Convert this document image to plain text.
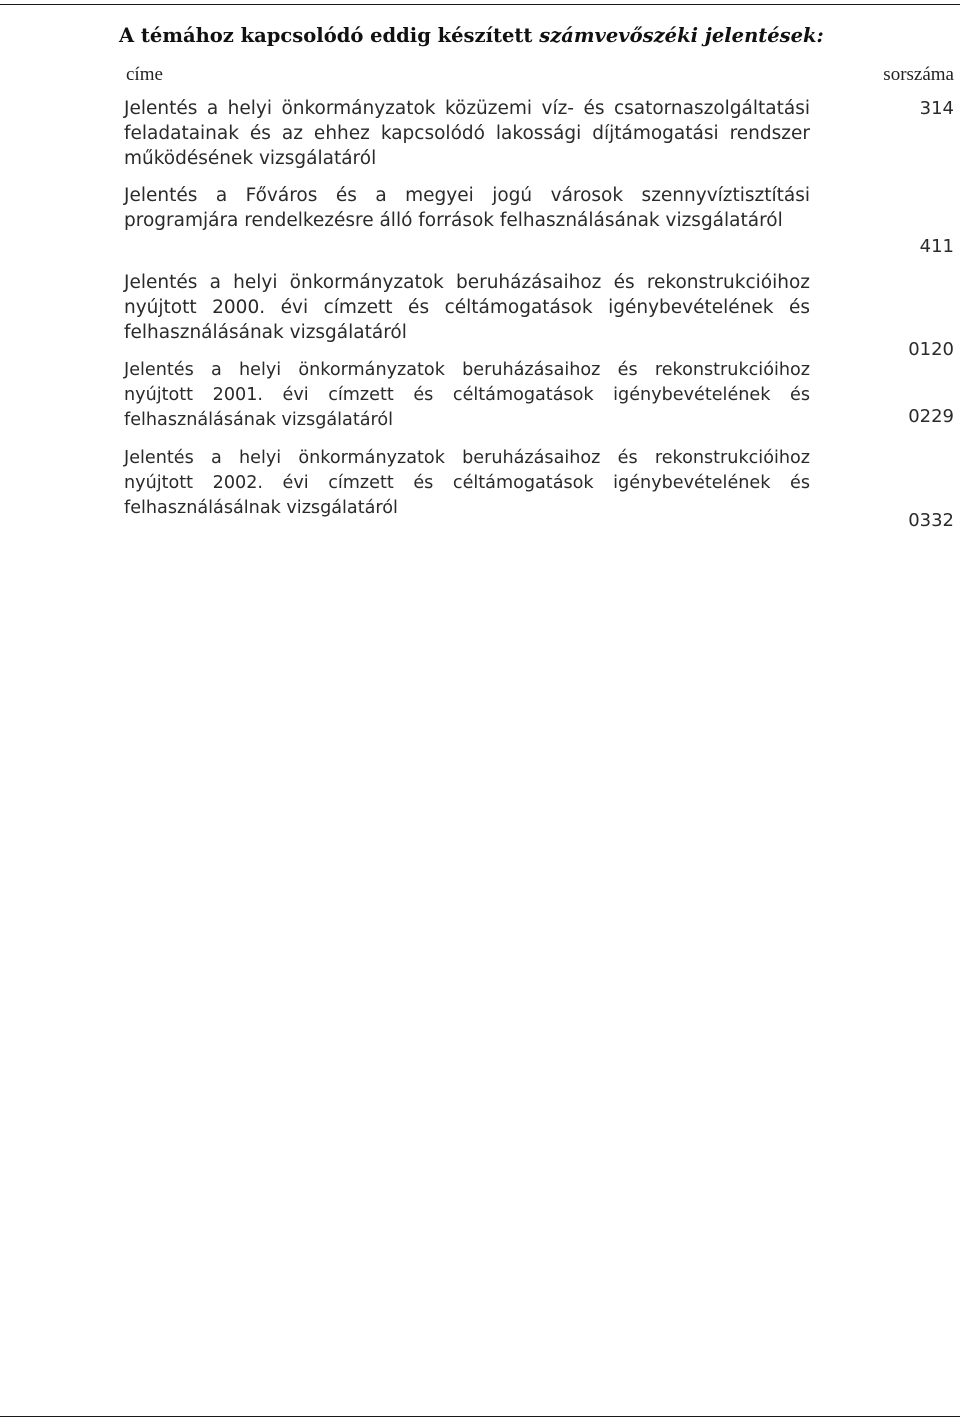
A témához kapcsolódó eddig készített számvevőszéki jelentések:
címe	sorszáma

Jelentés a helyi önkormányzatok közüzemi víz- és csatornaszolgáltatási feladatainak és az ehhez kapcsolódó lakossági díjtámogatási rendszer működésének vizsgálatáról

314

Jelentés a Főváros és a megyei jogú városok szennyvíztisztítási programjára rendelkezésre álló források felhasználásának vizsgálatáról

411

Jelentés a helyi önkormányzatok beruházásaihoz és rekonstrukcióihoz nyújtott 2000. évi címzett és céltámogatások igénybevételének és felhasználásának vizsgálatáról

0120

Jelentés a helyi önkormányzatok beruházásaihoz és rekonstrukcióihoz nyújtott 2001. évi címzett és céltámogatások igénybevételének és felhasználásának vizsgálatáról	0229

Jelentés a helyi önkormányzatok beruházásaihoz és rekonstrukcióihoz nyújtott 2002. évi címzett és céltámogatások igénybevételének és felhasználásálnak vizsgálatáról

0332
